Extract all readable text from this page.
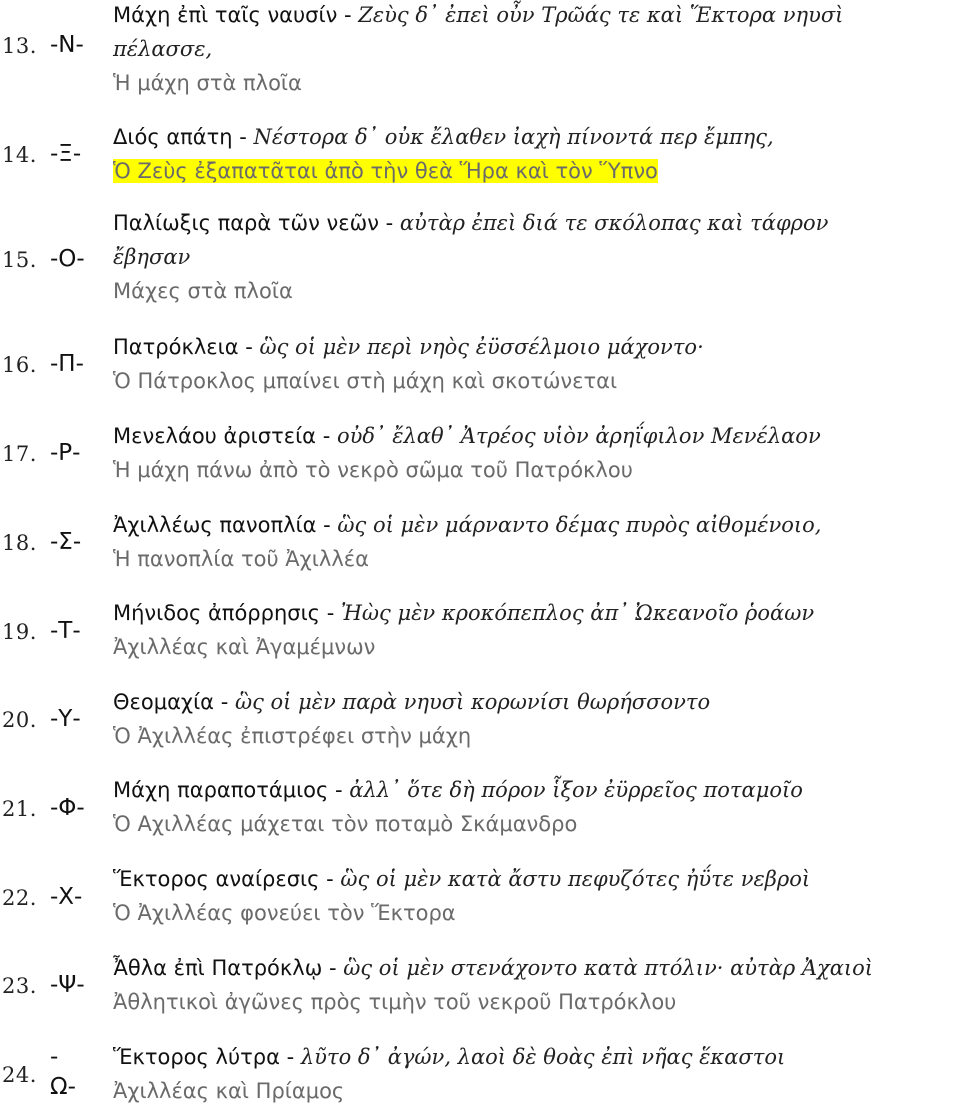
13. -Ν-
Μάχη ἐπὶ ταῖς ναυσίν - Ζεὺς δ᾽ ἐπεὶ οὖν Τρῶάς τε καὶ Ἕκτορα νηυσὶ
πέλασσε,
Ἡ μάχη στὰ πλοῖα
14. -Ξ-
Διός απάτη - Νέστορα δ᾽ οὐκ ἔλαθεν ἰαχὴ πίνοντά περ ἔμπης,
Ὁ Ζεὺς ἐξαπατᾶται ἀπὸ τὴν θεὰ Ἥρα καὶ τὸν Ὕπνο
15. -Ο-
Παλίωξις παρὰ τῶν νεῶν - αὐτὰρ ἐπεὶ διά τε σκόλοπας καὶ τάφρον
ἔβησαν
Μάχες στὰ πλοῖα
16. -Π-
Πατρόκλεια - ὣς οἱ μὲν περὶ νηὸς ἐϋσσέλμοιο μάχοντο·
Ὁ Πάτροκλος μπαίνει στὴ μάχη καὶ σκοτώνεται
17. -Ρ-
Μενελάου ἀριστεία - οὐδ᾽ ἔλαθ᾽ Ἀτρέος υἱὸν ἀρηΐφιλον Μενέλαον
Ἡ μάχη πάνω ἀπὸ τὸ νεκρὸ σῶμα τοῦ Πατρόκλου
18. -Σ-
Ἀχιλλέως πανοπλία - ὣς οἱ μὲν μάρναντο δέμας πυρὸς αἰθομένοιο,
Ἡ πανοπλία τοῦ Ἀχιλλέα
19. -Τ-
Μήνιδος ἀπόρρησις - Ἠὼς μὲν κροκόπεπλος ἀπ᾽ Ὠκεανοῖο ῥοάων
Ἀχιλλέας καὶ Ἀγαμέμνων
20. -Υ-
Θεομαχία - ὣς οἱ μὲν παρὰ νηυσὶ κορωνίσι θωρήσσοντο
Ὁ Ἀχιλλέας ἐπιστρέφει στὴν μάχη
21. -Φ-
Μάχη παραποτάμιος - ἀλλ᾽ ὅτε δὴ πόρον ἷξον ἐϋρρεῖος ποταμοῖο
Ὁ Αχιλλέας μάχεται τὸν ποταμὸ Σκάμανδρο
22. -Χ-
Ἕκτορος αναίρεσις - ὣς οἱ μὲν κατὰ ἄστυ πεφυζότες ἠΰτε νεβροὶ
Ὁ Ἀχιλλέας φονεύει τὸν Ἕκτορα
23. -Ψ-
Ἆθλα ἐπὶ Πατρόκλῳ - ὣς οἱ μὲν στενάχοντο κατὰ πτόλιν· αὐτὰρ Ἀχαιοὶ
Ἀθλητικοὶ ἀγῶνες πρὸς τιμὴν τοῦ νεκροῦ Πατρόκλου
24.
-
Ω-
Ἕκτορος λύτρα - λῦτο δ᾽ ἀγών, λαοὶ δὲ θοὰς ἐπὶ νῆας ἕκαστοι
Ἀχιλλέας καὶ Πρίαμος
